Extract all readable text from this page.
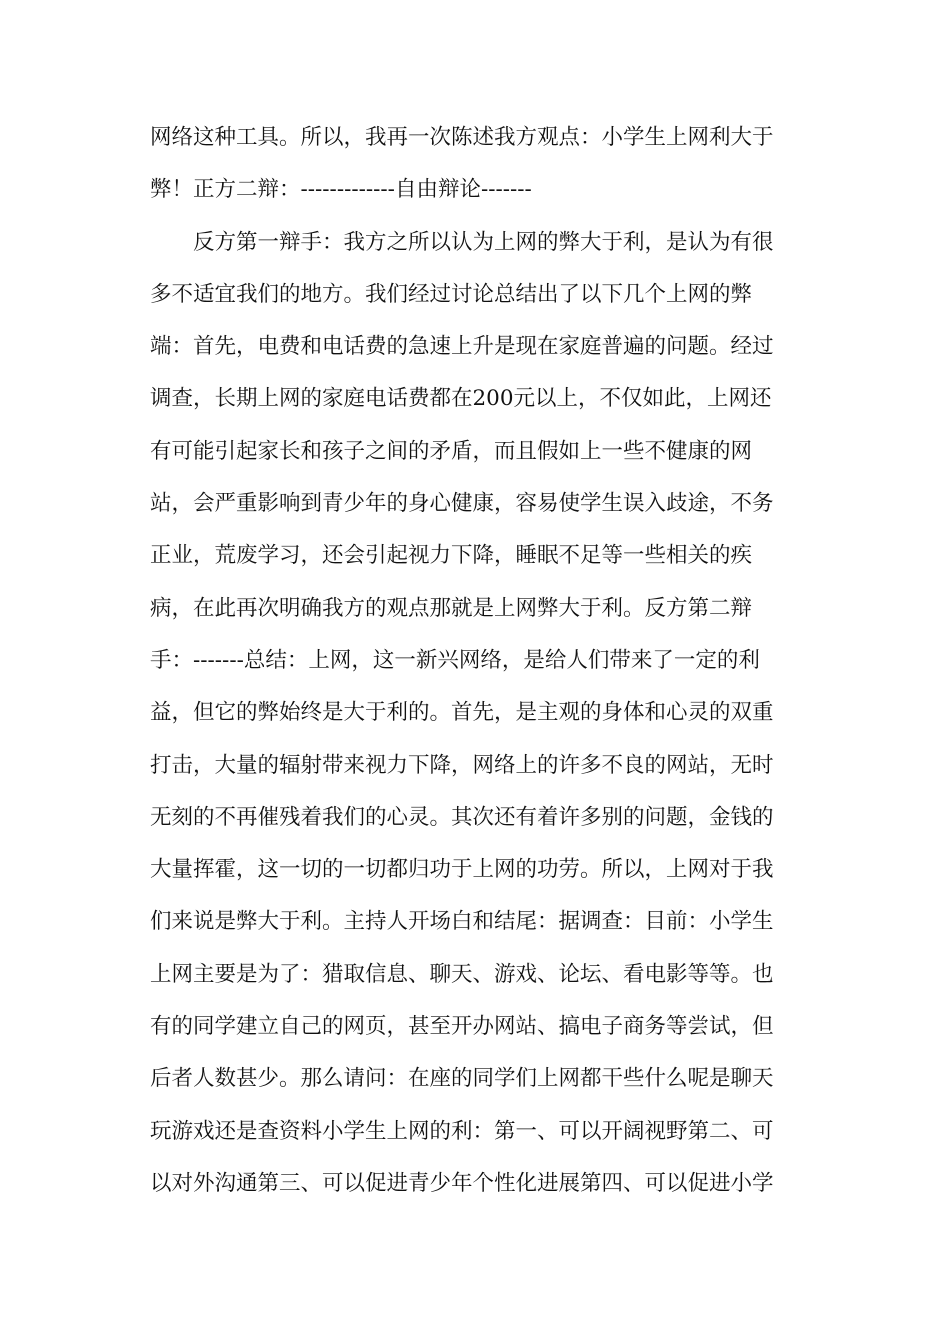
网络这种工具。所以，我再一次陈述我方观点：小学生上网利大于
弊！正方二辩：-------------自由辩论-------

反方第一辩手：我方之所以认为上网的弊大于利，是认为有很
多不适宜我们的地方。我们经过讨论总结出了以下几个上网的弊
端：首先，电费和电话费的急速上升是现在家庭普遍的问题。经过
调查，长期上网的家庭电话费都在200元以上，不仅如此，上网还
有可能引起家长和孩子之间的矛盾，而且假如上一些不健康的网
站，会严重影响到青少年的身心健康，容易使学生误入歧途，不务
正业，荒废学习，还会引起视力下降，睡眠不足等一些相关的疾
病，在此再次明确我方的观点那就是上网弊大于利。反方第二辩
手：-------总结：上网，这一新兴网络，是给人们带来了一定的利
益，但它的弊始终是大于利的。首先，是主观的身体和心灵的双重
打击，大量的辐射带来视力下降，网络上的许多不良的网站，无时
无刻的不再催残着我们的心灵。其次还有着许多别的问题，金钱的
大量挥霍，这一切的一切都归功于上网的功劳。所以，上网对于我
们来说是弊大于利。主持人开场白和结尾：据调查：目前：小学生
上网主要是为了：猎取信息、聊天、游戏、论坛、看电影等等。也
有的同学建立自己的网页，甚至开办网站、搞电子商务等尝试，但
后者人数甚少。那么请问：在座的同学们上网都干些什么呢是聊天
玩游戏还是查资料小学生上网的利：第一、可以开阔视野第二、可
以对外沟通第三、可以促进青少年个性化进展第四、可以促进小学
